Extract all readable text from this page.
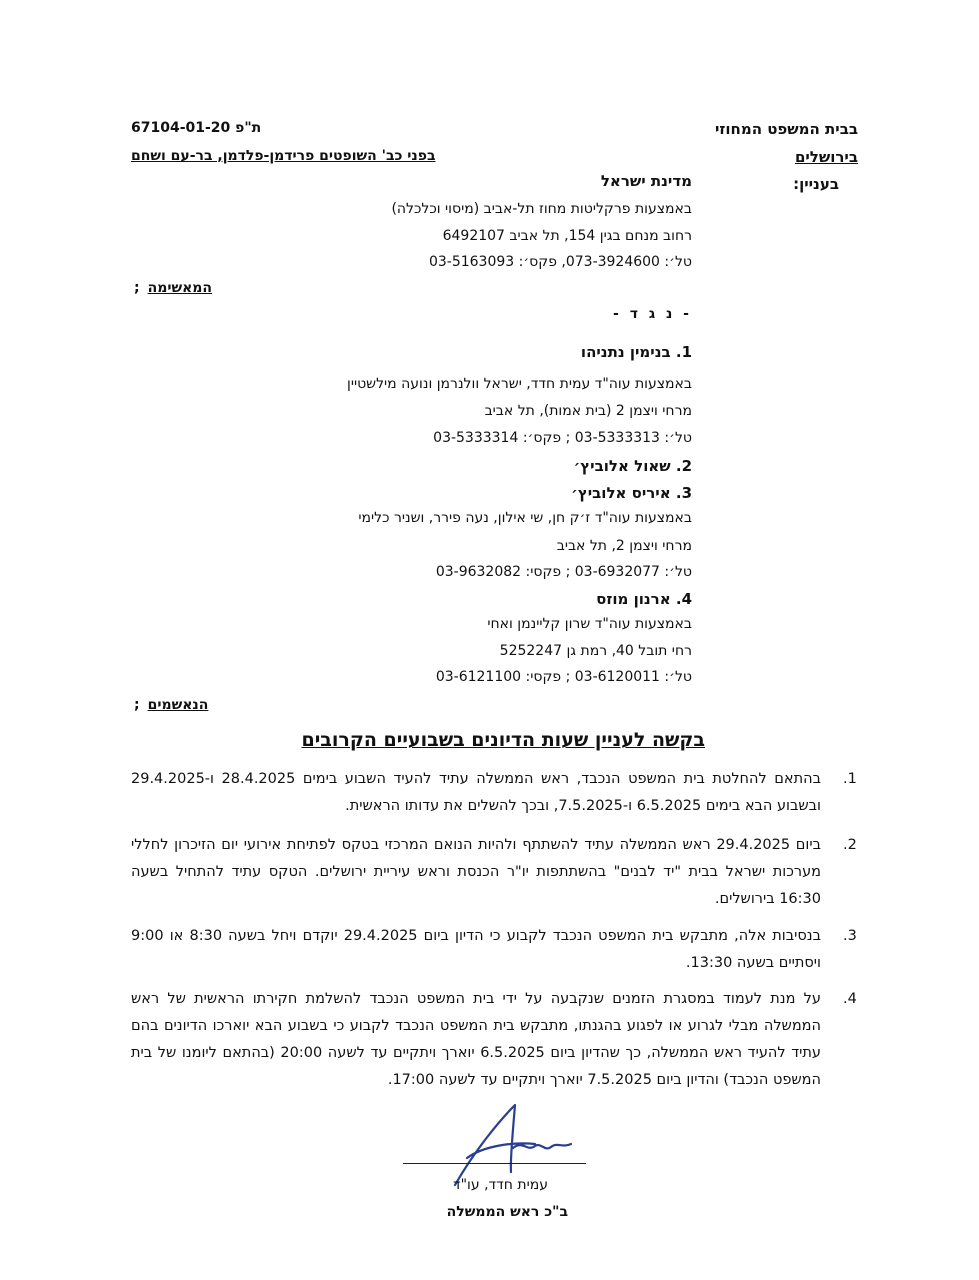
בבית המשפט המחוזי
בירושלים
ת"פ 67104-01-20
בפני כב' השופטים פרידמן-פלדמן, בר-עם ושחם
בעניין:
מדינת ישראל
באמצעות פרקליטות מחוז תל-אביב (מיסוי וכלכלה)
רחוב מנחם בגין 154, תל אביב 6492107
טל׳: 073-3924600, פקס׳: 03-5163093
המאשימה;
- נ ג ד -
1. בנימין נתניהו
באמצעות עוה"ד עמית חדד, ישראל וולנרמן ונועה מילשטיין
מרחי ויצמן 2 (בית אמות), תל אביב
טל׳: 03-5333313 ; פקס׳: 03-5333314
2. שאול אלוביץ׳
3. איריס אלוביץ׳
באמצעות עוה"ד ז׳ק חן, שי אילון, נעה פירר, ושניר כלימי
מרחי ויצמן 2, תל אביב
טל׳: 03-6932077 ; פקסי: 03-9632082
4. ארנון מוזס
באמצעות עוה"ד שרון קליינמן ואחי
רחי תובל 40, רמת גן 5252247
טל׳: 03-6120011 ; פקסי: 03-6121100
הנאשמים;
בקשה לעניין שעות הדיונים בשבועיים הקרובים
.1
בהתאם להחלטת בית המשפט הנכבד, ראש הממשלה עתיד להעיד השבוע בימים 28.4.2025 ו-29.4.2025 ובשבוע הבא בימים 6.5.2025 ו-7.5.2025, ובכך להשלים את עדותו הראשית.
.2
ביום 29.4.2025 ראש הממשלה עתיד להשתתף ולהיות הנואם המרכזי בטקס לפתיחת אירועי יום הזיכרון לחללי מערכות ישראל בבית "יד לבנים" בהשתתפות יו"ר הכנסת וראש עיריית ירושלים. הטקס עתיד להתחיל בשעה 16:30 בירושלים.
.3
בנסיבות אלה, מתבקש בית המשפט הנכבד לקבוע כי הדיון ביום 29.4.2025 יוקדם ויחל בשעה 8:30 או 9:00 ויסתיים בשעה 13:30.
.4
על מנת לעמוד במסגרת הזמנים שנקבעה על ידי בית המשפט הנכבד להשלמת חקירתו הראשית של ראש הממשלה מבלי לגרוע או לפגוע בהגנתו, מתבקש בית המשפט הנכבד לקבוע כי בשבוע הבא יוארכו הדיונים בהם עתיד להעיד ראש הממשלה, כך שהדיון ביום 6.5.2025 יוארך ויתקיים עד לשעה 20:00 (בהתאם ליומנו של בית המשפט הנכבד) והדיון ביום 7.5.2025 יוארך ויתקיים עד לשעה 17:00.
עמית חדד, עו"ד
ב"כ ראש הממשלה
